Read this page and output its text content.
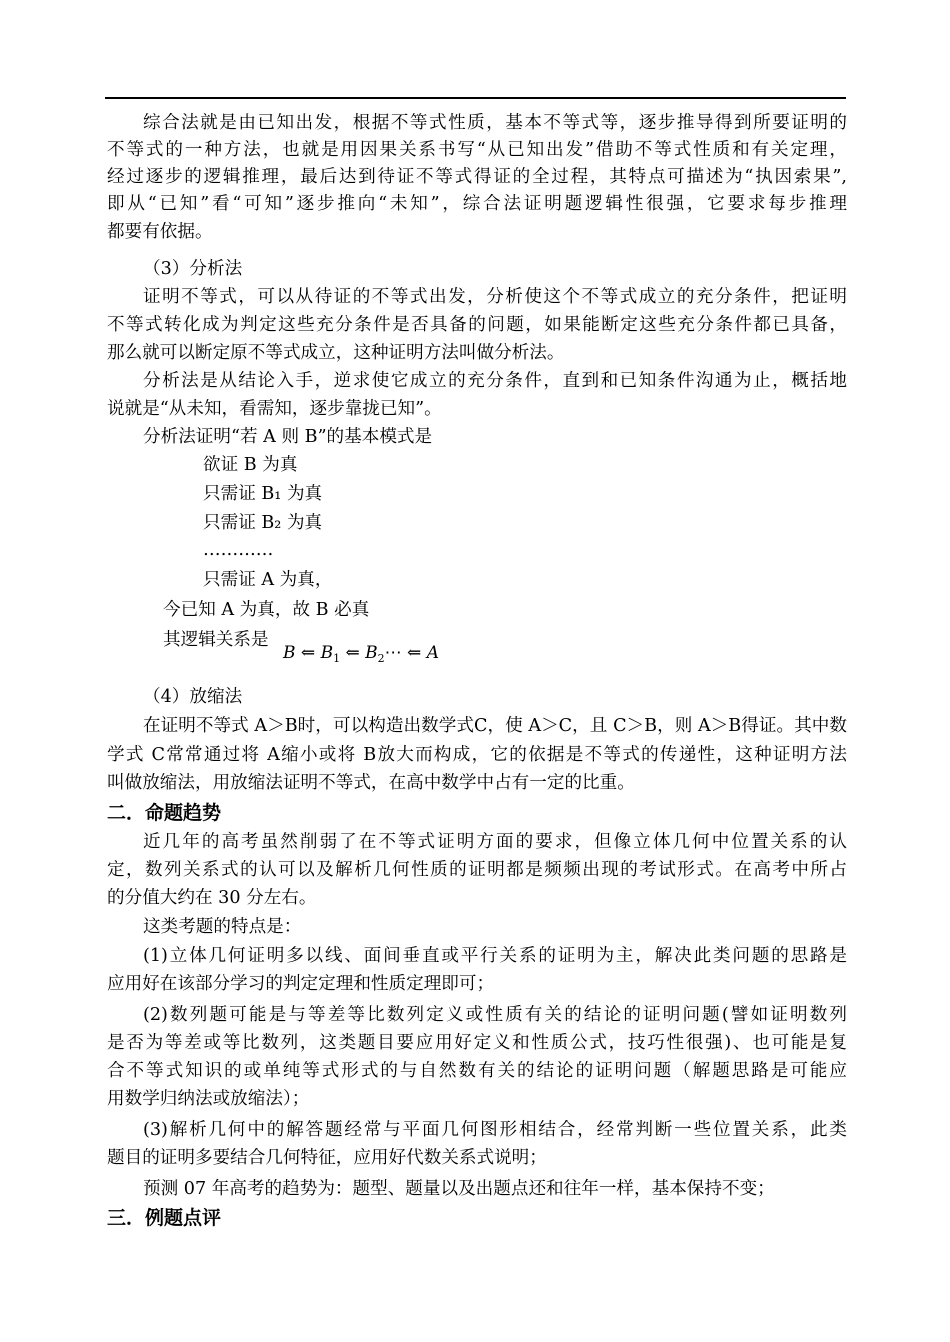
综合法就是由已知出发，根据不等式性质，基本不等式等，逐步推导得到所要证明的
不等式的一种方法，也就是用因果关系书写“从已知出发”借助不等式性质和有关定理，
经过逐步的逻辑推理，最后达到待证不等式得证的全过程，其特点可描述为“执因索果”,
即从“已知”看“可知”逐步推向“未知”，综合法证明题逻辑性很强，它要求每步推理
都要有依据。
（3）分析法
证明不等式，可以从待证的不等式出发，分析使这个不等式成立的充分条件，把证明
不等式转化成为判定这些充分条件是否具备的问题，如果能断定这些充分条件都已具备，
那么就可以断定原不等式成立，这种证明方法叫做分析法。
分析法是从结论入手，逆求使它成立的充分条件，直到和已知条件沟通为止，概括地
说就是“从未知，看需知，逐步靠拢已知”。
分析法证明“若 A 则 B”的基本模式是
欲证 B 为真
只需证 B₁ 为真
只需证 B₂ 为真
…………
只需证 A 为真，
今已知 A 为真，故 B 必真
其逻辑关系是
B ⇐ $B_1$ ⇐ $B_2\cdots$ ⇐ A
（4）放缩法
在证明不等式 A＞B时，可以构造出数学式C，使 A＞C，且 C＞B，则 A＞B得证。其中数
学式 C常常通过将 A缩小或将 B放大而构成，它的依据是不等式的传递性，这种证明方法
叫做放缩法，用放缩法证明不等式，在高中数学中占有一定的比重。
二．命题趋势
近几年的高考虽然削弱了在不等式证明方面的要求，但像立体几何中位置关系的认
定，数列关系式的认可以及解析几何性质的证明都是频频出现的考试形式。在高考中所占
的分值大约在 30 分左右。
这类考题的特点是：
(1)立体几何证明多以线、面间垂直或平行关系的证明为主，解决此类问题的思路是
应用好在该部分学习的判定定理和性质定理即可；
(2)数列题可能是与等差等比数列定义或性质有关的结论的证明问题(譬如证明数列
是否为等差或等比数列，这类题目要应用好定义和性质公式，技巧性很强)、也可能是复
合不等式知识的或单纯等式形式的与自然数有关的结论的证明问题（解题思路是可能应
用数学归纳法或放缩法）；
(3)解析几何中的解答题经常与平面几何图形相结合，经常判断一些位置关系，此类
题目的证明多要结合几何特征，应用好代数关系式说明；
预测 07 年高考的趋势为：题型、题量以及出题点还和往年一样，基本保持不变；
三．例题点评
